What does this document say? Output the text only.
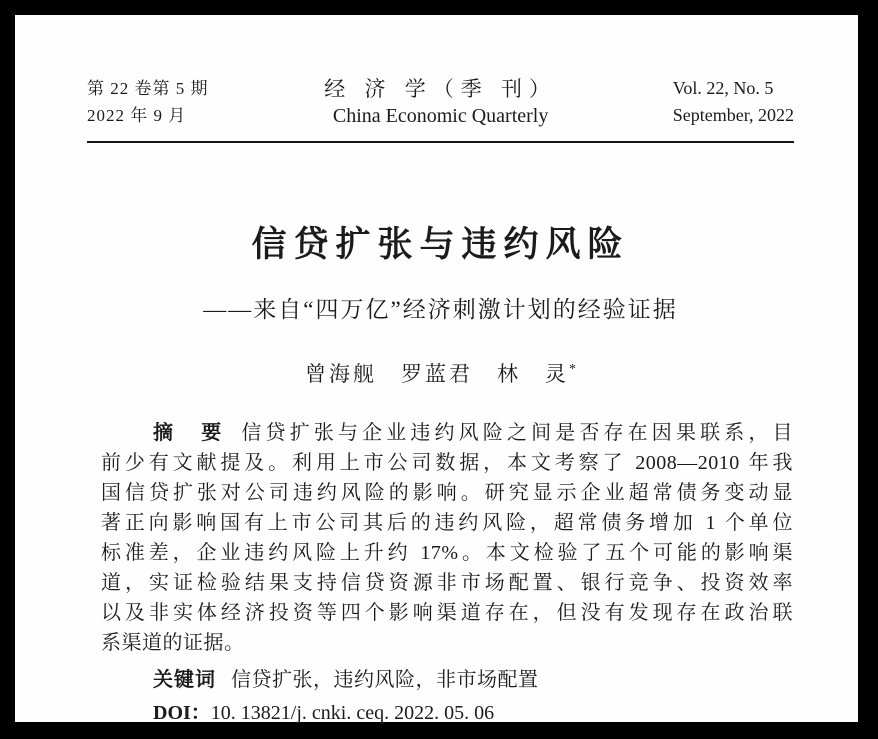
第 22 卷第 5 期
2022 年 9 月
经 济 学（季 刊）
China Economic Quarterly
Vol. 22, No. 5
September, 2022
信贷扩张与违约风险
——来自“四万亿”经济刺激计划的经验证据
曾海舰　罗蓝君　林　灵*
摘　要 信贷扩张与企业违约风险之间是否存在因果联系，目
前少有文献提及。利用上市公司数据，本文考察了 2008—2010 年我
国信贷扩张对公司违约风险的影响。研究显示企业超常债务变动显
著正向影响国有上市公司其后的违约风险，超常债务增加 1 个单位
标准差，企业违约风险上升约 17%。本文检验了五个可能的影响渠
道，实证检验结果支持信贷资源非市场配置、银行竞争、投资效率
以及非实体经济投资等四个影响渠道存在，但没有发现存在政治联
系渠道的证据。
关键词 信贷扩张，违约风险，非市场配置
DOI：10. 13821/j. cnki. ceq. 2022. 05. 06
